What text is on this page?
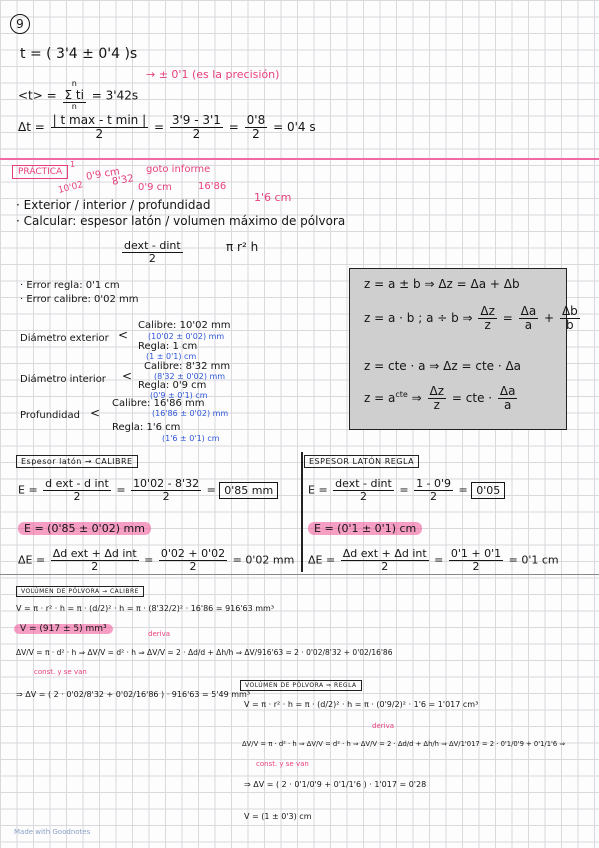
9
t = ( 3'4 ± 0'4 )s
→ ± 0'1 (es la precisión)
<t> =
n
Σ ti
n
= 3'42s
$\Delta t = \frac{\text{| t max - t min |}}{2} = \frac{3'9 - 3'1}{2} = \frac{0'8}{2} = 0'4$ s
PRÁCTICA
1
10'02
0'9 cm
8'32
goto informe
0'9 cm	16'86
· Exterior / interior / profundidad
1'6 cm
· Calcular: espesor latón / volumen máximo de pólvora
$\frac{\text{dext - dint}}{2}$	π r² h
· Error regla: 0'1 cm
· Error calibre: 0'02 mm
Diámetro exterior <
Calibre: 10'02 mm
(10'02 ± 0'02) mm
Regla: 1 cm
(1 ± 0'1) cm
Diámetro interior <
Calibre: 8'32 mm
(8'32 ± 0'02) mm
Regla: 0'9 cm
(0'9 ± 0'1) cm
Profundidad <
Calibre: 16'86 mm
(16'86 ± 0'02) mm
Regla: 1'6 cm
(1'6 ± 0'1) cm
z = a ± b ⇒ Δz = Δa + Δb
z = a · b ; a ÷ b ⇒ $\frac{\Delta z}{z} = \frac{\Delta a}{a} + \frac{\Delta b}{b}$
z = cte · a ⇒ Δz = cte · Δa
$z = a^{cte}$ ⇒ $\frac{\Delta z}{z}$ = cte · $\frac{\Delta a}{a}$
Espesor latón → CALIBRE
$E = \frac{\text{d ext - d int}}{2} = \frac{10'02 - 8'32}{2} = 0'85$ mm
E = (0'85 ± 0'02) mm
$\Delta E = \frac{\text{Δd ext + Δd int}}{2} = \frac{0'02 + 0'02}{2} = 0'02$ mm
ESPESOR LATÓN REGLA
$E = \frac{\text{dext - dint}}{2} = \frac{1 - 0'9}{2} = 0'05$
E = (0'1 ± 0'1) cm
$\Delta E = \frac{\text{Δd ext + Δd int}}{2} = \frac{0'1 + 0'1}{2} = 0'1$ cm
VOLÚMEN DE PÓLVORA → CALIBRE
V = π · r² · h = π · (d/2)² · h = π · (8'32/2)² · 16'86 = 916'63 mm³
V = (917 ± 5) mm³	deriva
ΔV/V = π · d² · h ⇒ ΔV/V = d² · h ⇒ ΔV/V = 2 · Δd/d + Δh/h ⇒ ΔV/916'63 = 2 · 0'02/8'32 + 0'02/16'86
const. y se van
⇒ ΔV = ( 2 · 0'02/8'32 + 0'02/16'86 ) · 916'63 = 5'49 mm³
VOLÚMEN DE PÓLVORA ⇒ REGLA
V = π · r² · h = π · (d/2)² · h = π · (0'9/2)² · 1'6 = 1'017 cm³
deriva
ΔV/V = π · d² · h ⇒ ΔV/V = d² · h ⇒ ΔV/V = 2 · Δd/d + Δh/h ⇒ ΔV/1'017 = 2 · 0'1/0'9 + 0'1/1'6 ⇒
const. y se van
⇒ ΔV = ( 2 · 0'1/0'9 + 0'1/1'6 ) · 1'017 = 0'28
V = (1 ± 0'3) cm
Made with Goodnotes
